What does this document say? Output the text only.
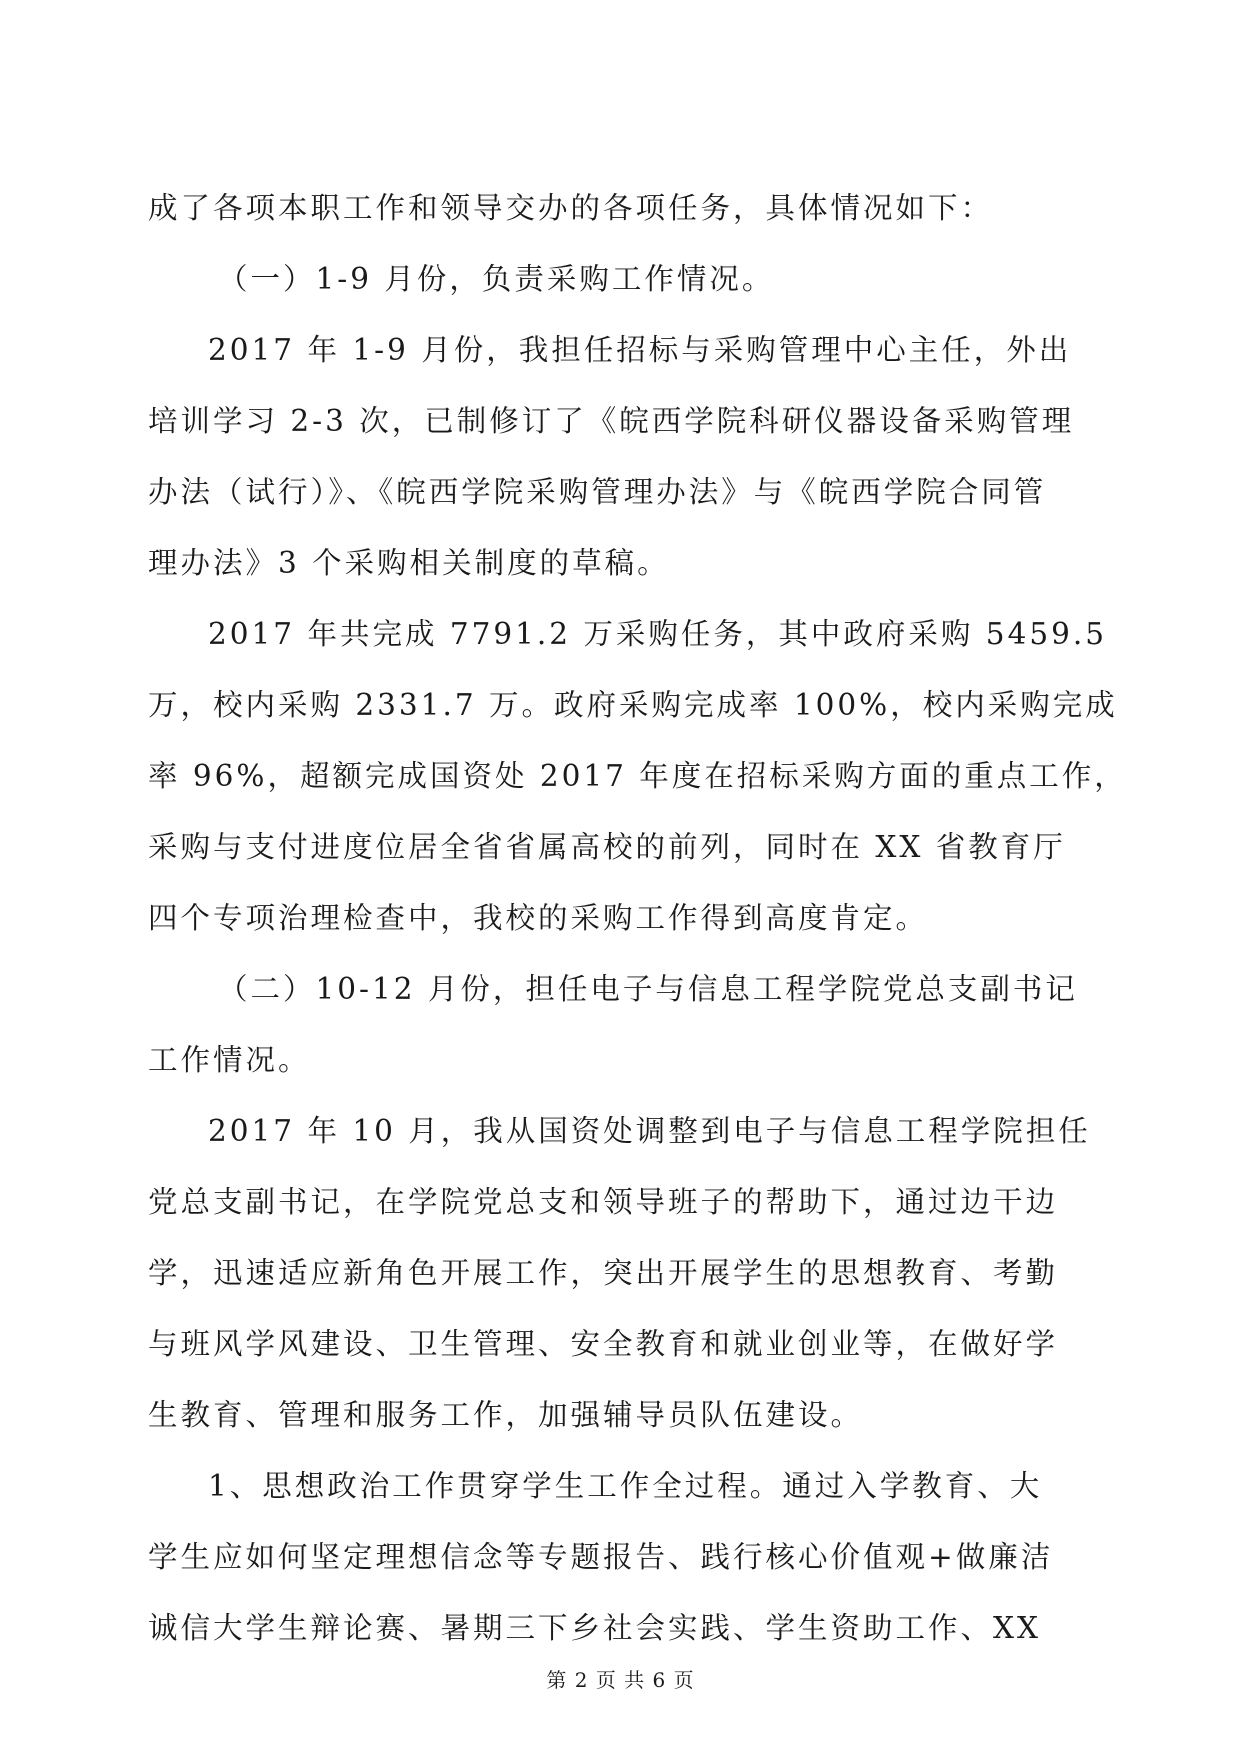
成了各项本职工作和领导交办的各项任务，具体情况如下：
（一）1-9 月份，负责采购工作情况。
2017 年 1-9 月份，我担任招标与采购管理中心主任，外出
培训学习 2-3 次，已制修订了《皖西学院科研仪器设备采购管理
办法（试行）》、《皖西学院采购管理办法》与《皖西学院合同管
理办法》3 个采购相关制度的草稿。
2017 年共完成 7791.2 万采购任务，其中政府采购 5459.5
万，校内采购 2331.7 万。政府采购完成率 100%，校内采购完成
率 96%，超额完成国资处 2017 年度在招标采购方面的重点工作，
采购与支付进度位居全省省属高校的前列，同时在 XX 省教育厅
四个专项治理检查中，我校的采购工作得到高度肯定。
（二）10-12 月份，担任电子与信息工程学院党总支副书记
工作情况。
2017 年 10 月，我从国资处调整到电子与信息工程学院担任
党总支副书记，在学院党总支和领导班子的帮助下，通过边干边
学，迅速适应新角色开展工作，突出开展学生的思想教育、考勤
与班风学风建设、卫生管理、安全教育和就业创业等，在做好学
生教育、管理和服务工作，加强辅导员队伍建设。
1、思想政治工作贯穿学生工作全过程。通过入学教育、大
学生应如何坚定理想信念等专题报告、践行核心价值观+做廉洁
诚信大学生辩论赛、暑期三下乡社会实践、学生资助工作、XX
第 2 页 共 6 页
